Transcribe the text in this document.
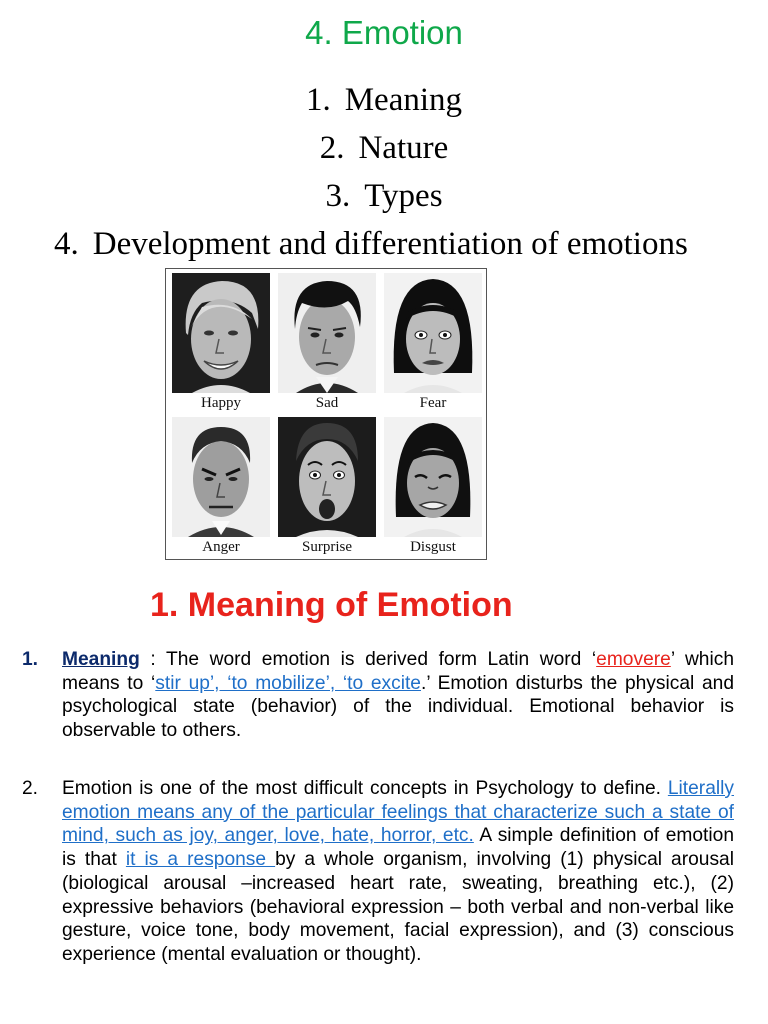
4. Emotion
1. Meaning
2. Nature
3. Types
4. Development and differentiation of emotions
Happy	Sad	Fear
Anger	Surprise	Disgust
1. Meaning of Emotion
1. Meaning : The word emotion is derived form Latin word ‘emovere’ which means to ‘stir up’, ‘to mobilize’, ‘to excite.’ Emotion disturbs the physical and psychological state (behavior) of the individual. Emotional behavior is observable to others.
2. Emotion is one of the most difficult concepts in Psychology to define. Literally emotion means any of the particular feelings that characterize such a state of mind, such as joy, anger, love, hate, horror, etc. A simple definition of emotion is that it is a response by a whole organism, involving (1) physical arousal (biological arousal –increased heart rate, sweating, breathing etc.), (2) expressive behaviors (behavioral expression – both verbal and non-verbal like gesture, voice tone, body movement, facial expression), and (3) conscious experience (mental evaluation or thought).
